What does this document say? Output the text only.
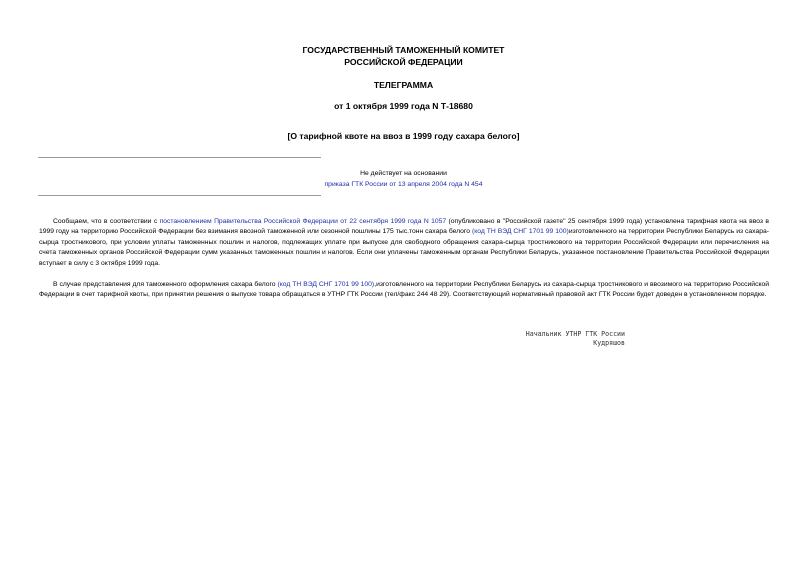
ГОСУДАРСТВЕННЫЙ ТАМОЖЕННЫЙ КОМИТЕТ
РОССИЙСКОЙ ФЕДЕРАЦИИ
ТЕЛЕГРАММА
от 1 октября 1999 года N Т-18680
[О тарифной квоте на ввоз в 1999 году сахара белого]
Не действует на основании
приказа ГТК России от 13 апреля 2004 года N 454
Сообщаем, что в соответствии с постановлением Правительства Российской Федерации от 22 сентября 1999 года N 1057 (опубликовано в "Российской газете" 25 сентября 1999 года) установлена тарифная квота на ввоз в 1999 году на территорию Российской Федерации без взимания ввозной таможенной или сезонной пошлины 175 тыс.тонн сахара белого (код ТН ВЭД СНГ 1701 99 100)изготовленного на территории Республики Беларусь из сахара-сырца тростникового, при условии уплаты таможенных пошлин и налогов, подлежащих уплате при выпуске для свободного обращения сахара-сырца тростникового на территории Российской Федерации или перечисления на счета таможенных органов Российской Федерации сумм указанных таможенных пошлин и налогов. Если они уплачены таможенным органам Республики Беларусь, указанное постановление Правительства Российской Федерации вступает в силу с 3 октября 1999 года.
В случае представления для таможенного оформления сахара белого (код ТН ВЭД СНГ 1701 99 100),изготовленного на территории Республики Беларусь из сахара-сырца тростникового и ввозимого на территорию Российской Федерации в счет тарифной квоты, при принятии решения о выпуске товара обращаться в УТНР ГТК России (тел/факс 244 48 29). Соответствующий нормативный правовой акт ГТК России будет доведен в установленном порядке.
Начальник УТНР ГТК России
Кудряшов
